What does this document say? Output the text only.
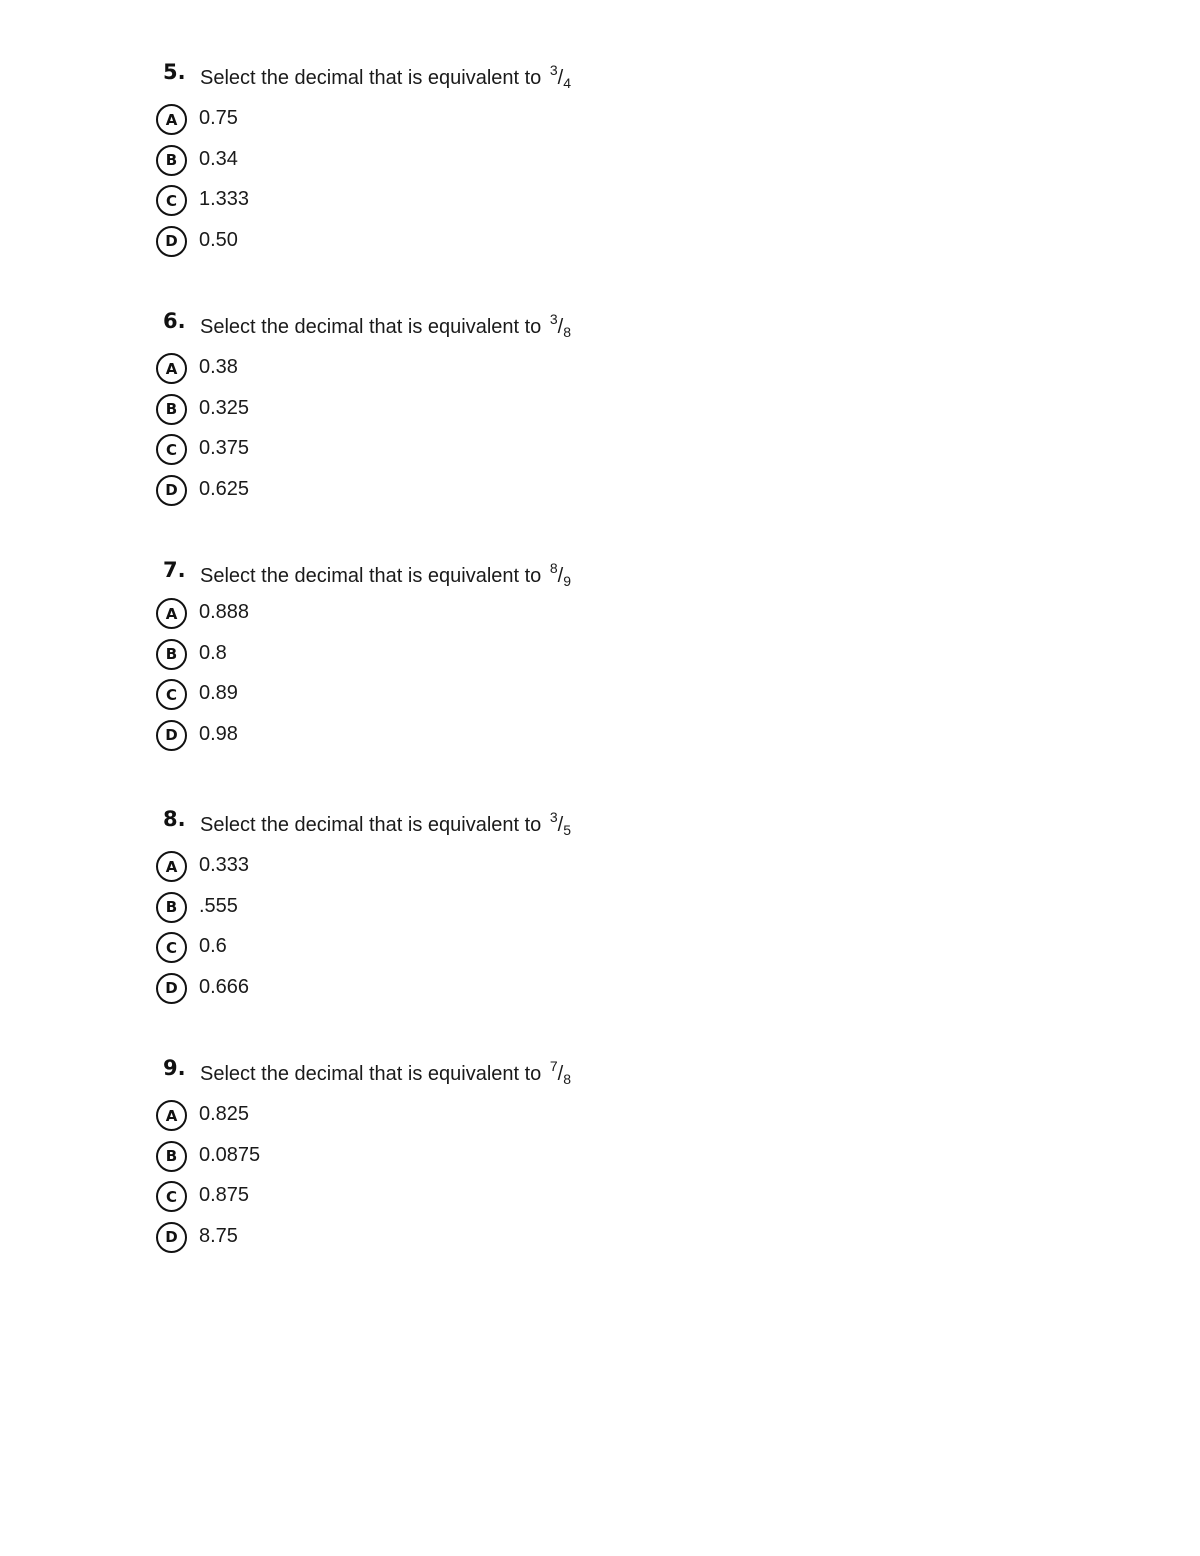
5. Select the decimal that is equivalent to $^3/_4$
A	0.75
B	0.34
C	1.333
D	0.50
6. Select the decimal that is equivalent to $^3/_8$
A	0.38
B	0.325
C	0.375
D	0.625
7. Select the decimal that is equivalent to $^8/_9$
A	0.888
B	0.8
C	0.89
D	0.98
8. Select the decimal that is equivalent to $^3/_5$
A	0.333
B	.555
C	0.6
D	0.666
9. Select the decimal that is equivalent to $^7/_8$
A	0.825
B	0.0875
C	0.875
D	8.75
